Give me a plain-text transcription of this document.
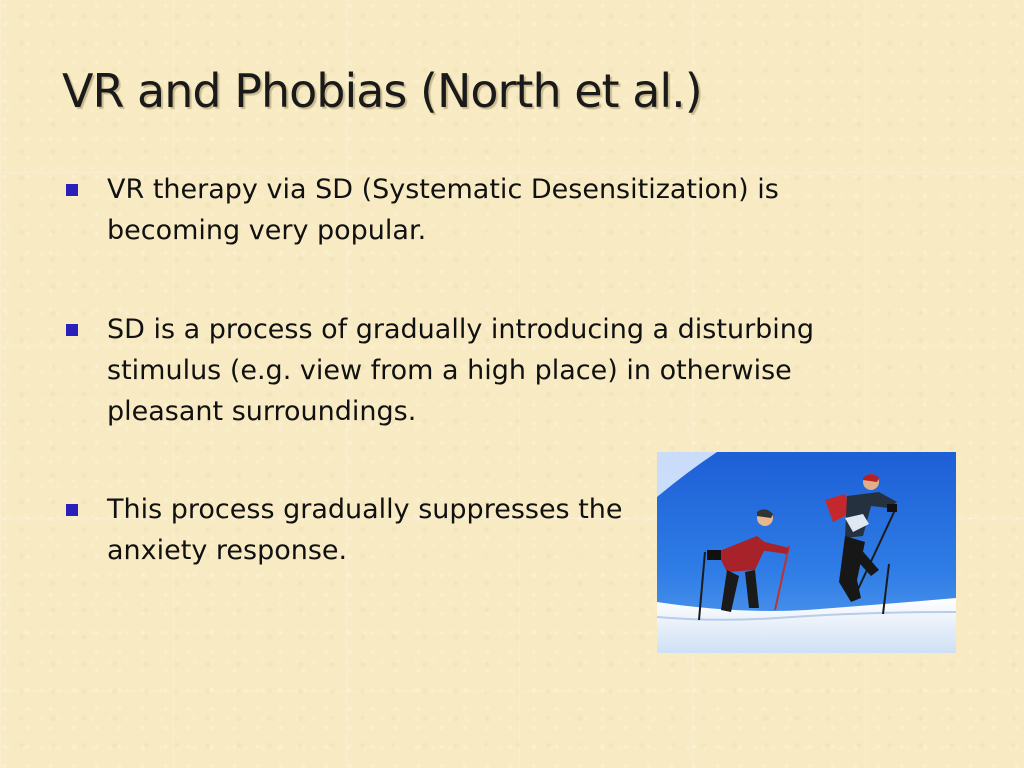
VR and Phobias (North et al.)
VR therapy via SD (Systematic Desensitization) is becoming very popular.
SD is a process of gradually introducing a disturbing stimulus (e.g. view from a high place) in otherwise pleasant surroundings.
This process gradually suppresses the anxiety response.
